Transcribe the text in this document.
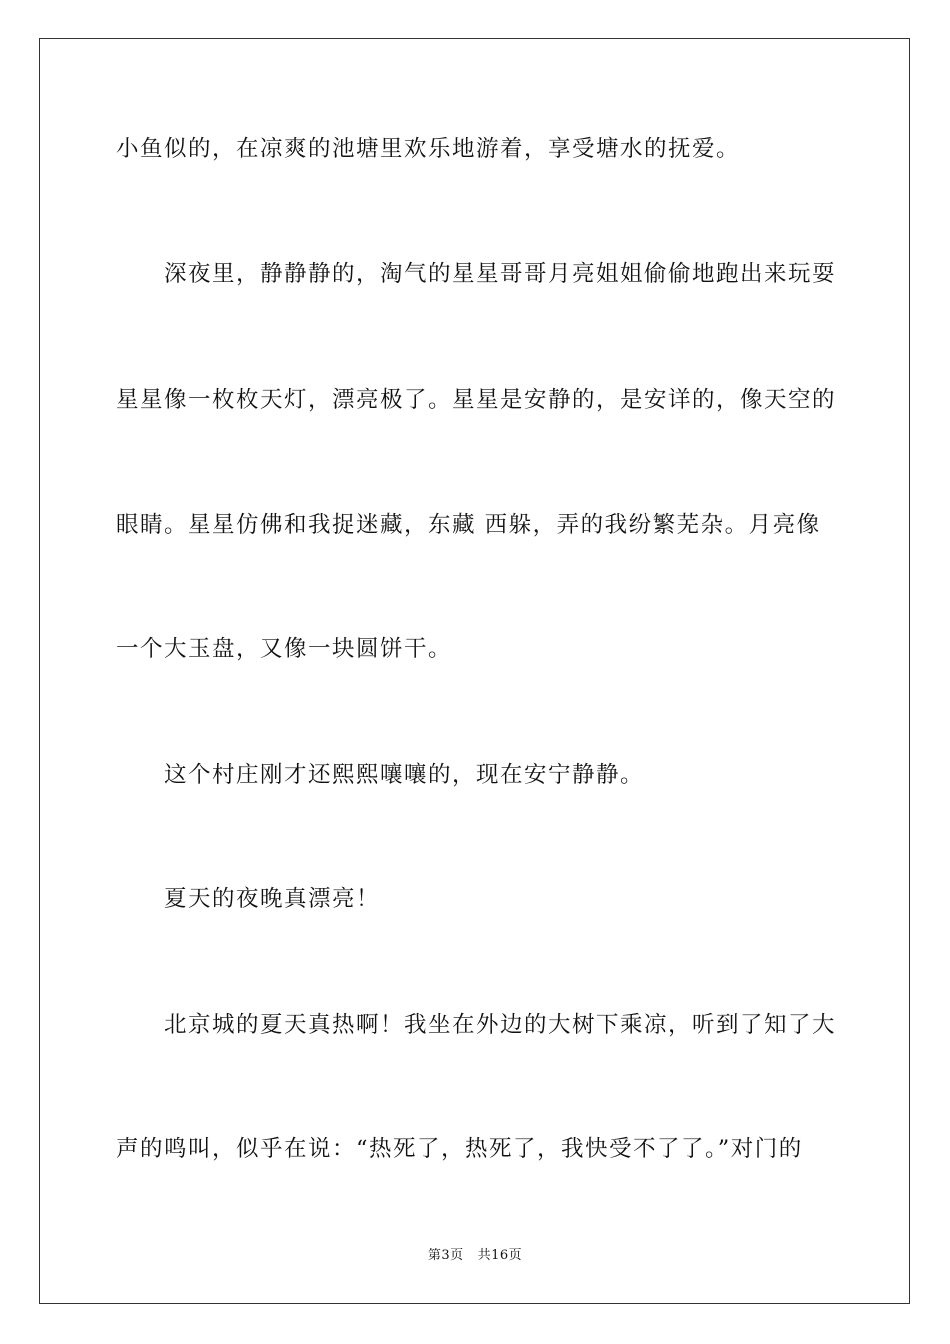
小鱼似的，在凉爽的池塘里欢乐地游着，享受塘水的抚爱。
深夜里，静静静的，淘气的星星哥哥月亮姐姐偷偷地跑出来玩耍
星星像一枚枚天灯，漂亮极了。星星是安静的，是安详的，像天空的
眼睛。星星仿佛和我捉迷藏，东藏 西躲，弄的我纷繁芜杂。月亮像
一个大玉盘，又像一块圆饼干。
这个村庄刚才还熙熙嚷嚷的，现在安宁静静。
夏天的夜晚真漂亮！
北京城的夏天真热啊！我坐在外边的大树下乘凉，听到了知了大
声的鸣叫，似乎在说：“热死了，热死了，我快受不了了。”对门的
第3页 共16页
